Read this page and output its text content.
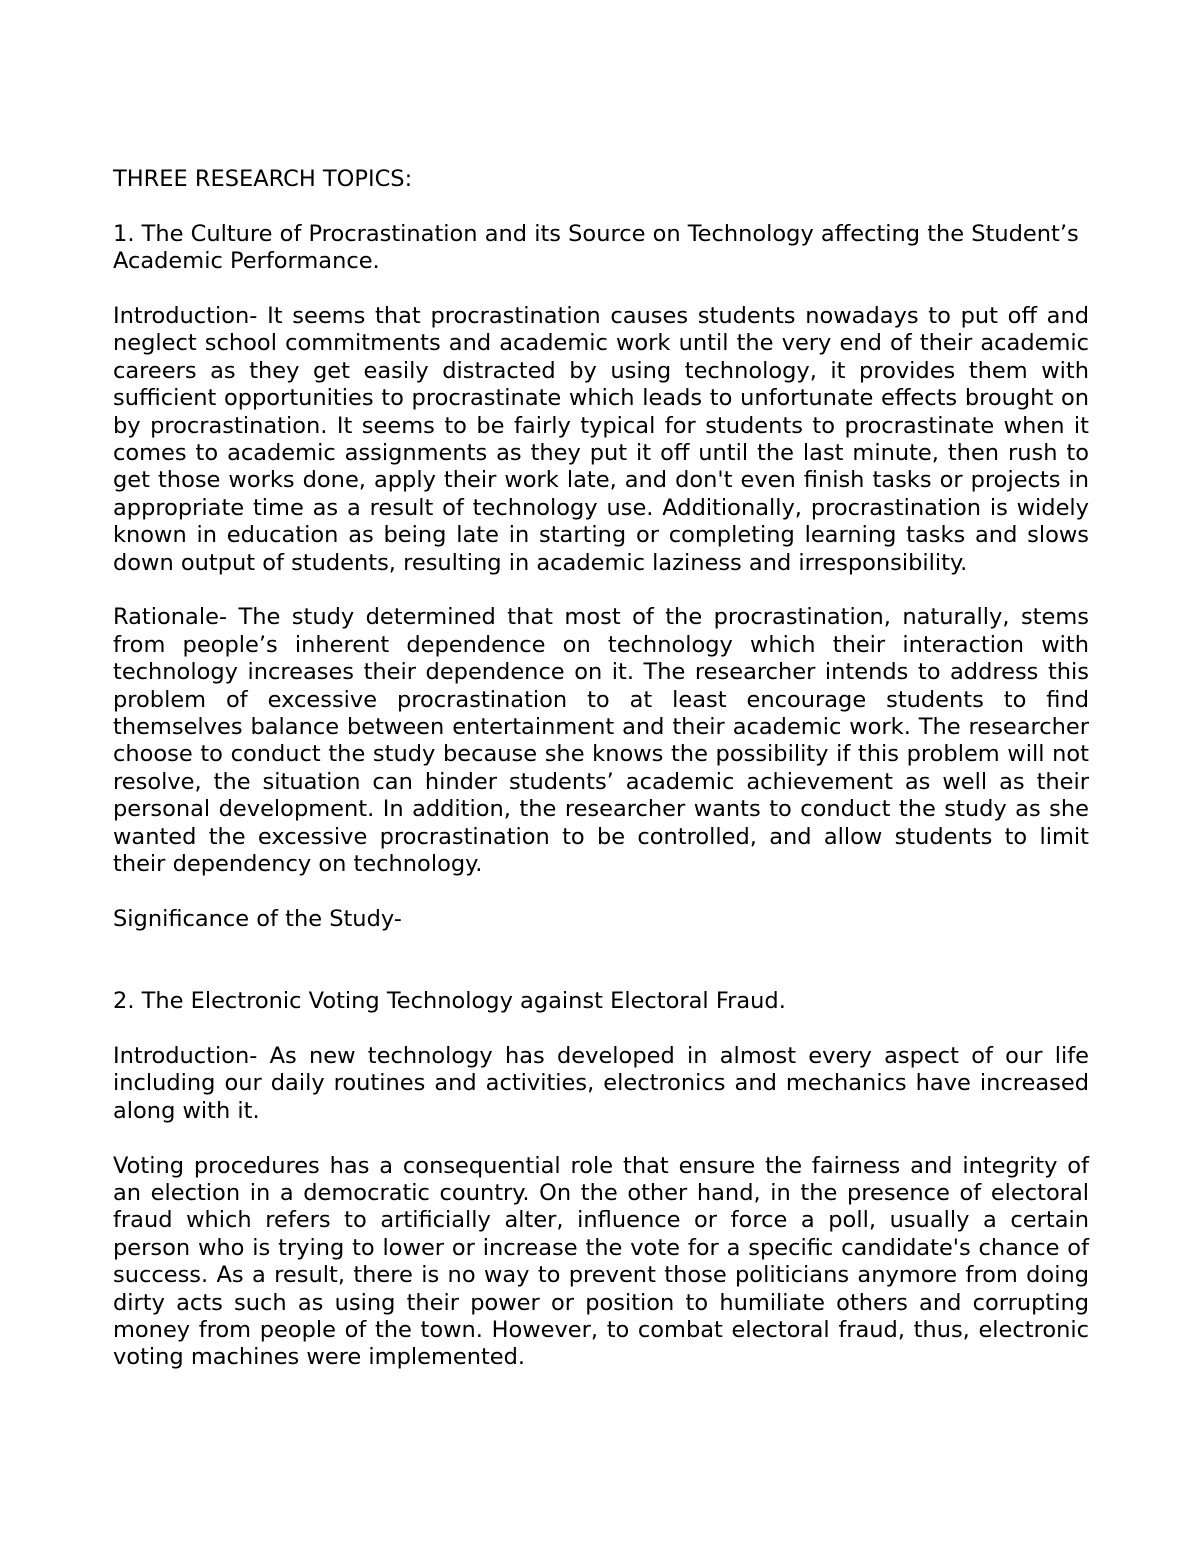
THREE RESEARCH TOPICS:

1. The Culture of Procrastination and its Source on Technology affecting the Student’s Academic Performance.

Introduction- It seems that procrastination causes students nowadays to put off and neglect school commitments and academic work until the very end of their academic careers as they get easily distracted by using technology, it provides them with sufficient opportunities to procrastinate which leads to unfortunate effects brought on by procrastination. It seems to be fairly typical for students to procrastinate when it comes to academic assignments as they put it off until the last minute, then rush to get those works done, apply their work late, and don't even finish tasks or projects in appropriate time as a result of technology use. Additionally, procrastination is widely known in education as being late in starting or completing learning tasks and slows down output of students, resulting in academic laziness and irresponsibility.

Rationale- The study determined that most of the procrastination, naturally, stems from people’s inherent dependence on technology which their interaction with technology increases their dependence on it. The researcher intends to address this problem of excessive procrastination to at least encourage students to find themselves balance between entertainment and their academic work. The researcher choose to conduct the study because she knows the possibility if this problem will not resolve, the situation can hinder students’ academic achievement as well as their personal development. In addition, the researcher wants to conduct the study as she wanted the excessive procrastination to be controlled, and allow students to limit their dependency on technology.

Significance of the Study-

2. The Electronic Voting Technology against Electoral Fraud.

Introduction- As new technology has developed in almost every aspect of our life including our daily routines and activities, electronics and mechanics have increased along with it.

Voting procedures has a consequential role that ensure the fairness and integrity of an election in a democratic country. On the other hand, in the presence of electoral fraud which refers to artificially alter, influence or force a poll, usually a certain person who is trying to lower or increase the vote for a specific candidate's chance of success. As a result, there is no way to prevent those politicians anymore from doing dirty acts such as using their power or position to humiliate others and corrupting money from people of the town. However, to combat electoral fraud, thus, electronic voting machines were implemented.
